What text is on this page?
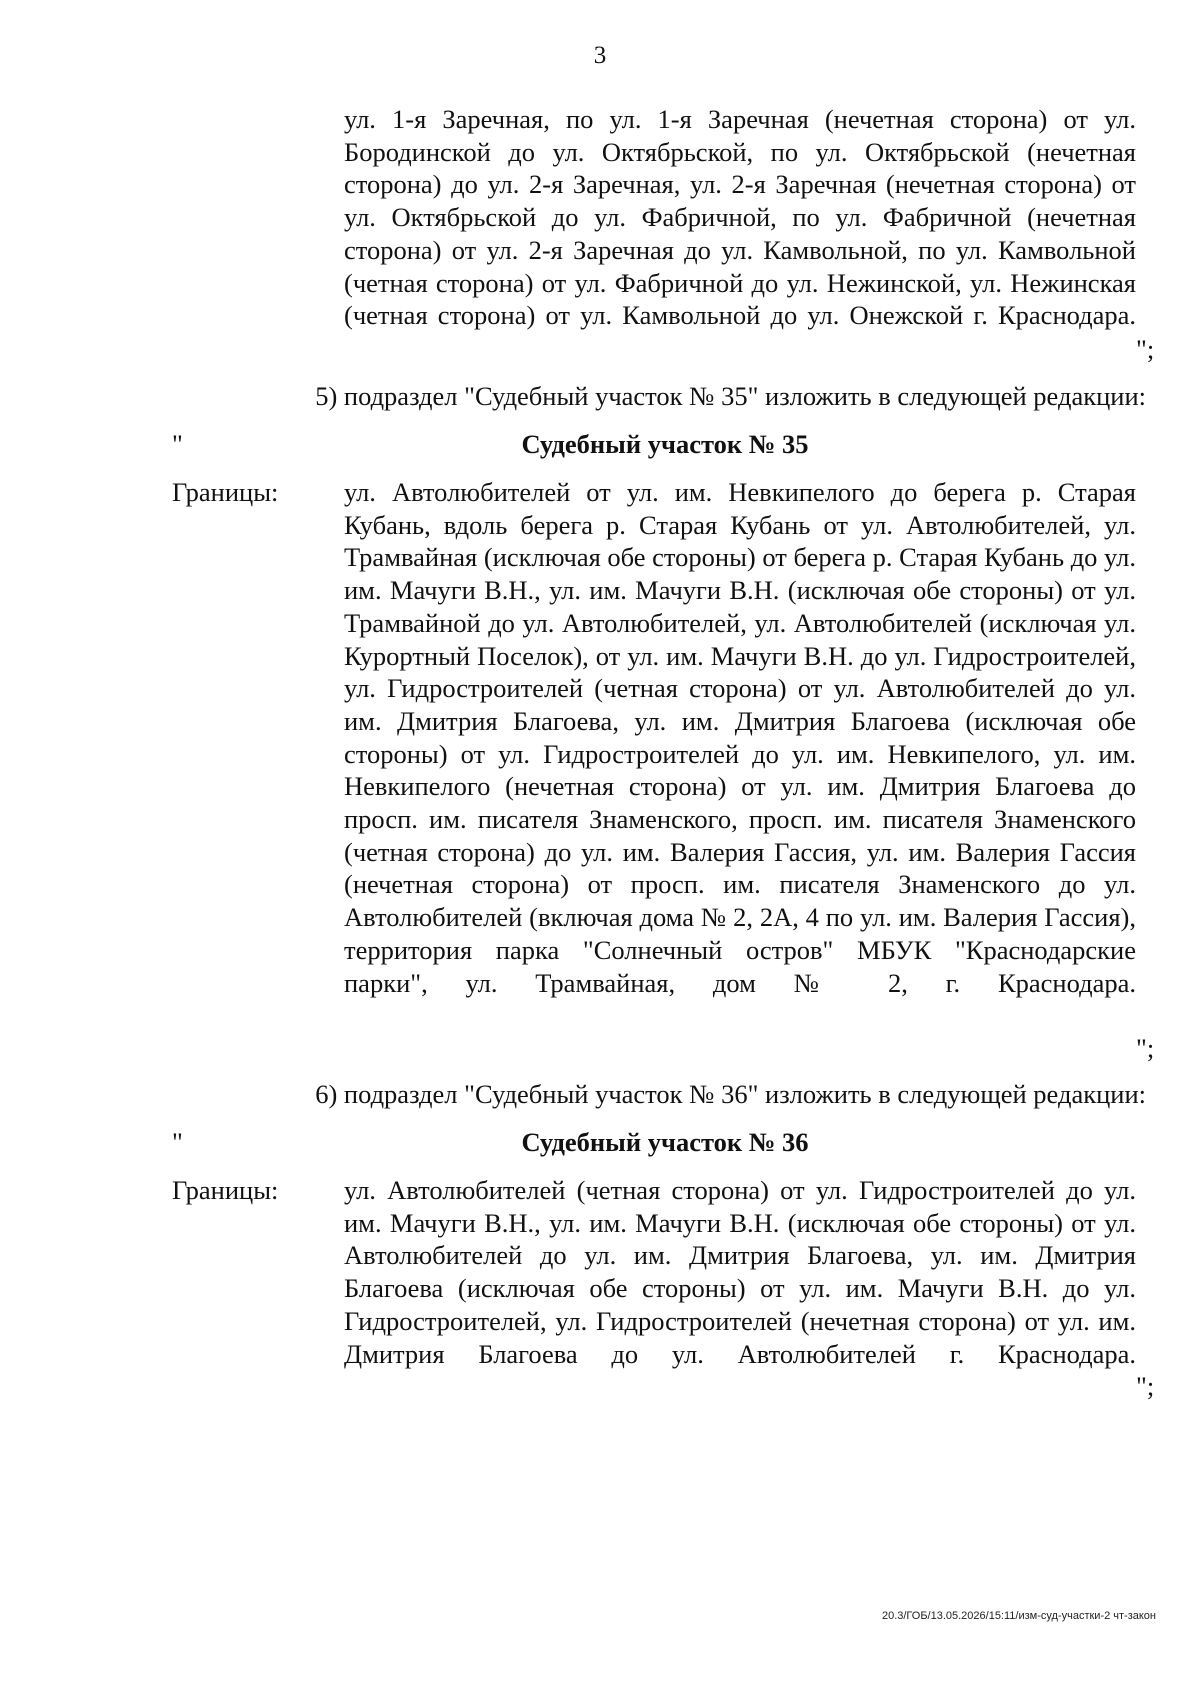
3

ул. 1-я Заречная, по ул. 1-я Заречная (нечетная сторона) от ул. Бородинской до ул. Октябрьской, по ул. Октябрьской (нечетная сторона) до ул. 2-я Заречная, ул. 2-я Заречная (нечетная сторона) от ул. Октябрьской до ул. Фабричной, по ул. Фабричной (нечетная сторона) от ул. 2-я Заречная до ул. Камвольной, по ул. Камвольной (четная сторона) от ул. Фабричной до ул. Нежинской, ул. Нежинская (четная сторона) от ул. Камвольной до ул. Онежской г. Краснодара.

";
5) подраздел "Судебный участок № 35" изложить в следующей редакции:
"	Судебный участок № 35
Границы: ул. Автолюбителей от ул. им. Невкипелого до берега р. Старая Кубань, вдоль берега р. Старая Кубань от ул. Автолюбителей, ул. Трамвайная (исключая обе стороны) от берега р. Старая Кубань до ул. им. Мачуги В.Н., ул. им. Мачуги В.Н. (исключая обе стороны) от ул. Трамвайной до ул. Автолюбителей, ул. Автолюбителей (исключая ул. Курортный Поселок), от ул. им. Мачуги В.Н. до ул. Гидростроителей, ул. Гидростроителей (четная сторона) от ул. Автолюбителей до ул. им. Дмитрия Благоева, ул. им. Дмитрия Благоева (исключая обе стороны) от ул. Гидростроителей до ул. им. Невкипелого, ул. им. Невкипелого (нечетная сторона) от ул. им. Дмитрия Благоева до просп. им. писателя Знаменского, просп. им. писателя Знаменского (четная сторона) до ул. им. Валерия Гассия, ул. им. Валерия Гассия (нечетная сторона) от просп. им. писателя Знаменского до ул. Автолюбителей (включая дома № 2, 2А, 4 по ул. им. Валерия Гассия), территория парка "Солнечный остров" МБУК "Краснодарские парки", ул. Трамвайная, дом № 2, г. Краснодара.

";
6) подраздел "Судебный участок № 36" изложить в следующей редакции:
"	Судебный участок № 36
Границы: ул. Автолюбителей (четная сторона) от ул. Гидростроителей до ул. им. Мачуги В.Н., ул. им. Мачуги В.Н. (исключая обе стороны) от ул. Автолюбителей до ул. им. Дмитрия Благоева, ул. им. Дмитрия Благоева (исключая обе стороны) от ул. им. Мачуги В.Н. до ул. Гидростроителей, ул. Гидростроителей (нечетная сторона) от ул. им. Дмитрия Благоева до ул. Автолюбителей г. Краснодара.

";
20.3/ГОБ/13.05.2026/15:11/изм-суд-участки-2 чт-закон
